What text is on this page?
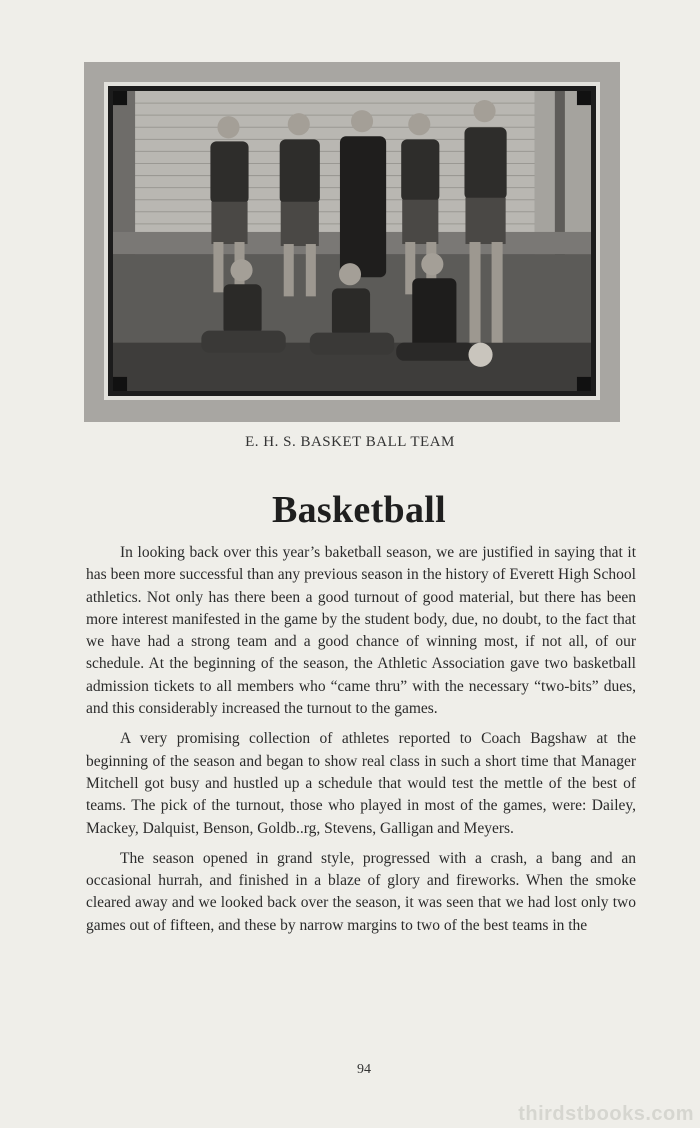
E. H. S. BASKET BALL TEAM
Basketball

In looking back over this year’s baketball season, we are justified in saying that it has been more successful than any previous season in the history of Everett High School athletics. Not only has there been a good turnout of good material, but there has been more interest manifested in the game by the student body, due, no doubt, to the fact that we have had a strong team and a good chance of winning most, if not all, of our schedule. At the beginning of the season, the Athletic Association gave two basketball admission tickets to all members who “came thru” with the necessary “two-bits” dues, and this considerably increased the turnout to the games.

A very promising collection of athletes reported to Coach Bagshaw at the beginning of the season and began to show real class in such a short time that Manager Mitchell got busy and hustled up a schedule that would test the mettle of the best of teams. The pick of the turnout, those who played in most of the games, were: Dailey, Mackey, Dalquist, Benson, Goldb..rg, Stevens, Galligan and Meyers.

The season opened in grand style, progressed with a crash, a bang and an occasional hurrah, and finished in a blaze of glory and fireworks. When the smoke cleared away and we looked back over the season, it was seen that we had lost only two games out of fifteen, and these by narrow margins to two of the best teams in the

94
thirdstbooks.com
